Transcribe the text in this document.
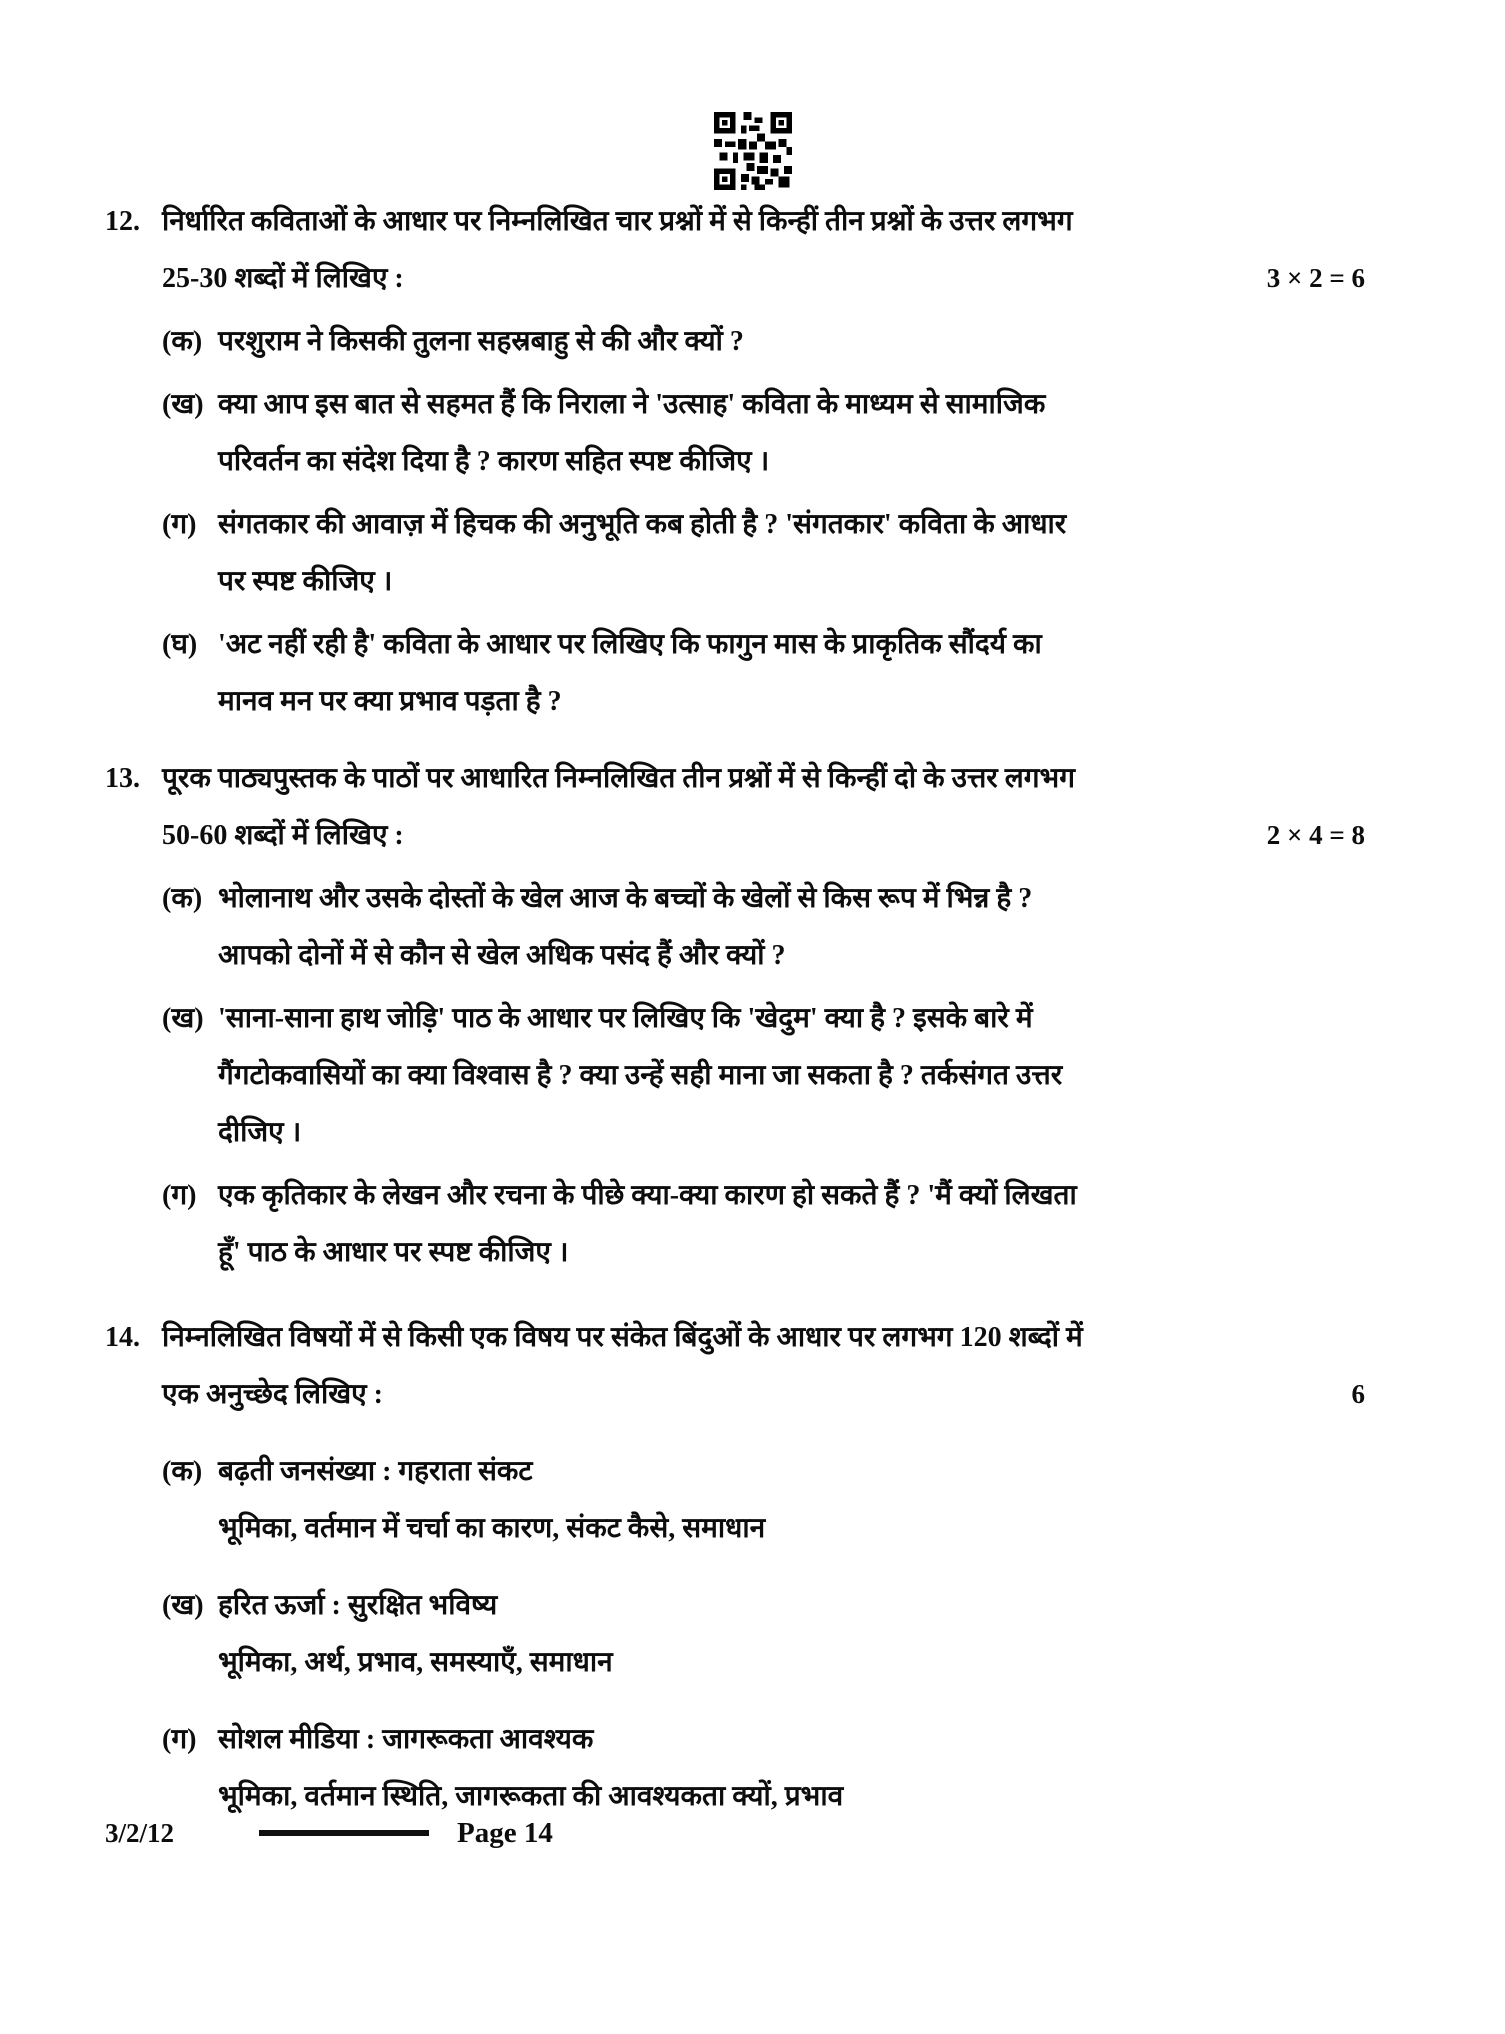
12. निर्धारित कविताओं के आधार पर निम्नलिखित चार प्रश्नों में से किन्हीं तीन प्रश्नों के उत्तर लगभग
25-30 शब्दों में लिखिए :	3 × 2 = 6
(क) परशुराम ने किसकी तुलना सहस्रबाहु से की और क्यों ?
(ख) क्या आप इस बात से सहमत हैं कि निराला ने 'उत्साह' कविता के माध्यम से सामाजिक
परिवर्तन का संदेश दिया है ? कारण सहित स्पष्ट कीजिए ।
(ग) संगतकार की आवाज़ में हिचक की अनुभूति कब होती है ? 'संगतकार' कविता के आधार
पर स्पष्ट कीजिए ।
(घ) 'अट नहीं रही है' कविता के आधार पर लिखिए कि फागुन मास के प्राकृतिक सौंदर्य का
मानव मन पर क्या प्रभाव पड़ता है ?
13. पूरक पाठ्यपुस्तक के पाठों पर आधारित निम्नलिखित तीन प्रश्नों में से किन्हीं दो के उत्तर लगभग
50-60 शब्दों में लिखिए :	2 × 4 = 8
(क) भोलानाथ और उसके दोस्तों के खेल आज के बच्चों के खेलों से किस रूप में भिन्न है ?
आपको दोनों में से कौन से खेल अधिक पसंद हैं और क्यों ?
(ख) 'साना-साना हाथ जोड़ि' पाठ के आधार पर लिखिए कि 'खेदुम' क्या है ? इसके बारे में
गैंगटोकवासियों का क्या विश्वास है ? क्या उन्हें सही माना जा सकता है ? तर्कसंगत उत्तर
दीजिए ।
(ग) एक कृतिकार के लेखन और रचना के पीछे क्या-क्या कारण हो सकते हैं ? 'मैं क्यों लिखता
हूँ' पाठ के आधार पर स्पष्ट कीजिए ।
14. निम्नलिखित विषयों में से किसी एक विषय पर संकेत बिंदुओं के आधार पर लगभग 120 शब्दों में
एक अनुच्छेद लिखिए :	6
(क) बढ़ती जनसंख्या : गहराता संकट
भूमिका, वर्तमान में चर्चा का कारण, संकट कैसे, समाधान
(ख) हरित ऊर्जा : सुरक्षित भविष्य
भूमिका, अर्थ, प्रभाव, समस्याएँ, समाधान
(ग) सोशल मीडिया : जागरूकता आवश्यक
भूमिका, वर्तमान स्थिति, जागरूकता की आवश्यकता क्यों, प्रभाव
3/2/12	Page 14
